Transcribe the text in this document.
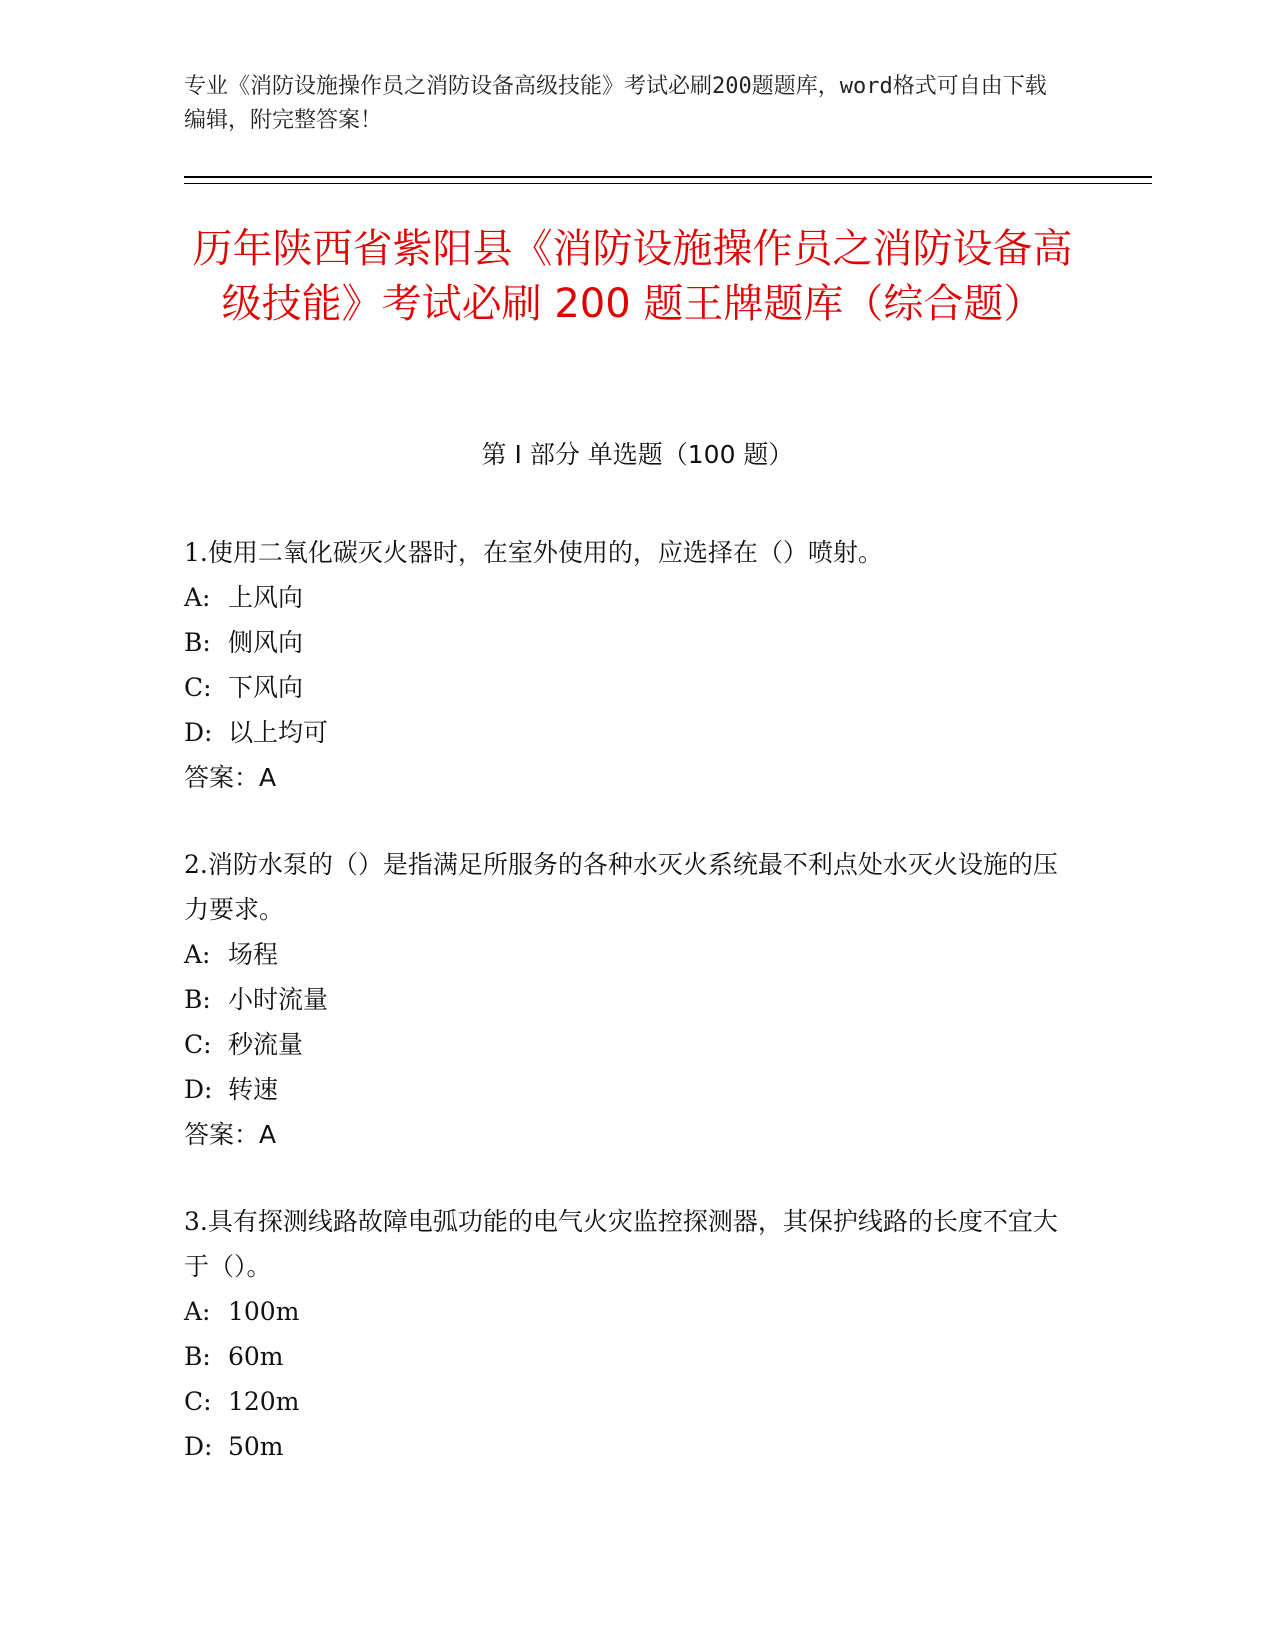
专业《消防设施操作员之消防设备高级技能》考试必刷200题题库，word格式可自由下载编辑，附完整答案！

历年陕西省紫阳县《消防设施操作员之消防设备高级技能》考试必刷 200 题王牌题库（综合题）
第 I 部分 单选题（100 题）

1.使用二氧化碳灭火器时，在室外使用的，应选择在（）喷射。

A: 上风向
B: 侧风向
C: 下风向
D: 以上均可

答案：A

2.消防水泵的（）是指满足所服务的各种水灭火系统最不利点处水灭火设施的压力要求。

A: 场程
B: 小时流量
C: 秒流量
D: 转速

答案：A

3.具有探测线路故障电弧功能的电气火灾监控探测器，其保护线路的长度不宜大于（）。

A: 100m
B: 60m
C: 120m
D: 50m
